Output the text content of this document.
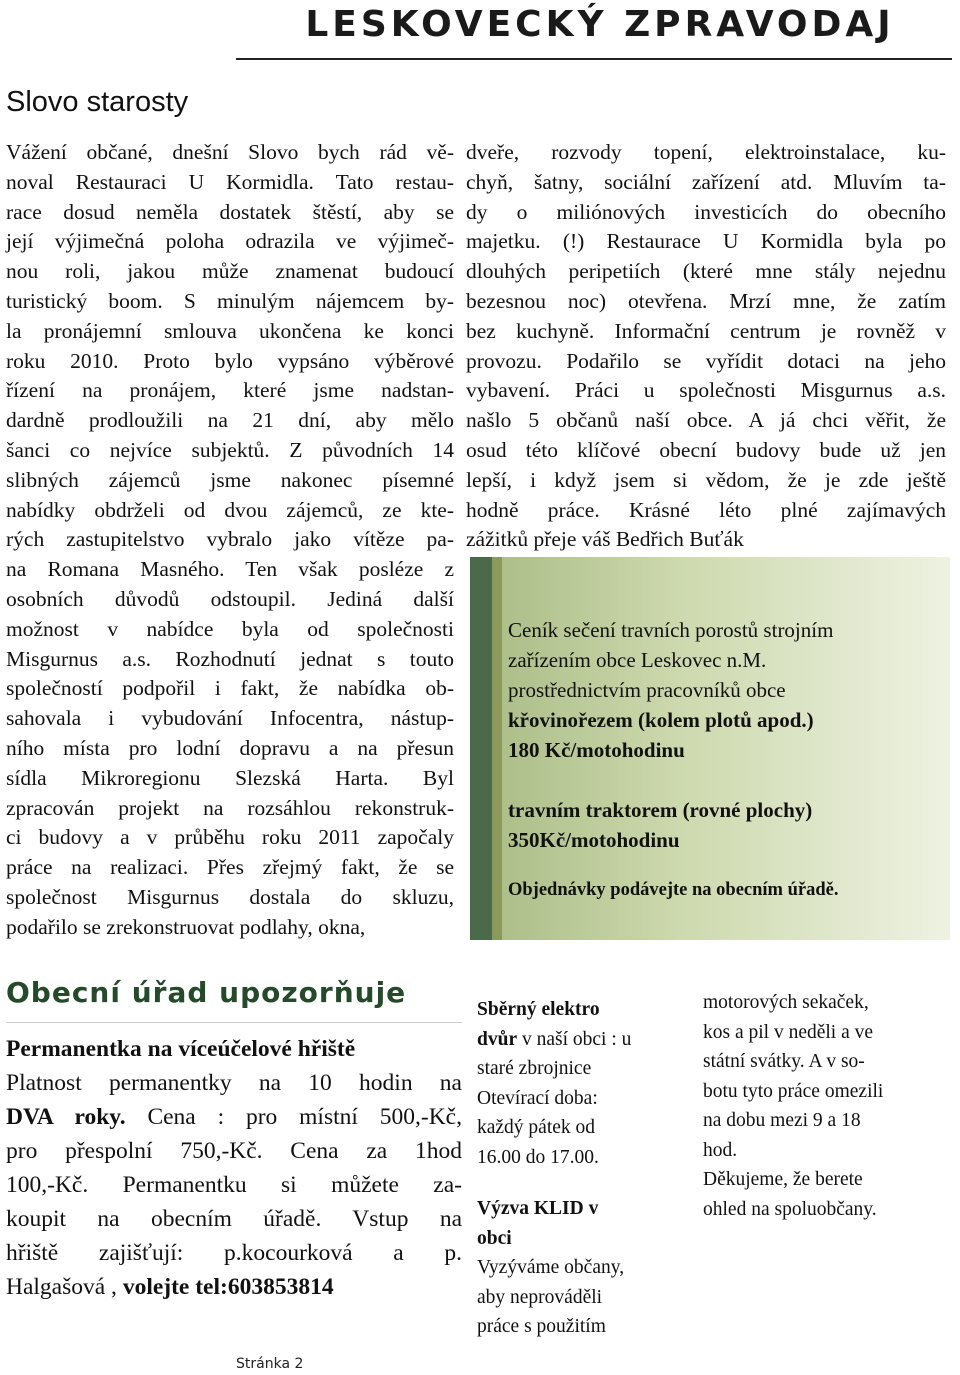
LESKOVECKÝ ZPRAVODAJ
Slovo starosty
Vážení občané, dnešní Slovo bych rád vě-
noval Restauraci U Kormidla. Tato restau-
race dosud neměla dostatek štěstí, aby se
její výjimečná poloha odrazila ve výjimeč-
nou roli, jakou může znamenat budoucí
turistický boom. S minulým nájemcem by-
la pronájemní smlouva ukončena ke konci
roku 2010. Proto bylo vypsáno výběrové
řízení na pronájem, které jsme nadstan-
dardně prodloužili na 21 dní, aby mělo
šanci co nejvíce subjektů. Z původních 14
slibných zájemců jsme nakonec písemné
nabídky obdrželi od dvou zájemců, ze kte-
rých zastupitelstvo vybralo jako vítěze pa-
na Romana Masného. Ten však posléze z
osobních důvodů odstoupil. Jediná další
možnost v nabídce byla od společnosti
Misgurnus a.s. Rozhodnutí jednat s touto
společností podpořil i fakt, že nabídka ob-
sahovala i vybudování Infocentra, nástup-
ního místa pro lodní dopravu a na přesun
sídla Mikroregionu Slezská Harta. Byl
zpracován projekt na rozsáhlou rekonstruk-
ci budovy a v průběhu roku 2011 započaly
práce na realizaci. Přes zřejmý fakt, že se
společnost Misgurnus dostala do skluzu,
podařilo se zrekonstruovat podlahy, okna,
dveře, rozvody topení, elektroinstalace, ku-
chyň, šatny, sociální zařízení atd. Mluvím ta-
dy o miliónových investicích do obecního
majetku. (!) Restaurace U Kormidla byla po
dlouhých peripetiích (které mne stály nejednu
bezesnou noc) otevřena. Mrzí mne, že zatím
bez kuchyně. Informační centrum je rovněž v
provozu. Podařilo se vyřídit dotaci na jeho
vybavení. Práci u společnosti Misgurnus a.s.
našlo 5 občanů naší obce. A já chci věřit, že
osud této klíčové obecní budovy bude už jen
lepší, i když jsem si vědom, že je zde ještě
hodně práce. Krásné léto plné zajímavých
zážitků přeje váš Bedřich Buťák
Ceník sečení travních porostů strojním
zařízením obce Leskovec n.M.
prostřednictvím pracovníků obce
křovinořezem (kolem plotů apod.)
180 Kč/motohodinu
travním traktorem (rovné plochy)
350Kč/motohodinu
Objednávky podávejte na obecním úřadě.
Obecní úřad upozorňuje
Permanentka na víceúčelové hřiště
Platnost permanentky na 10 hodin na
DVA roky. Cena : pro místní 500,-Kč,
pro přespolní 750,-Kč. Cena za 1hod
100,-Kč. Permanentku si můžete za-
koupit na obecním úřadě. Vstup na
hřiště zajišťují: p.kocourková a p.
Halgašová , volejte tel:603853814
Sběrný elektro
dvůr v naší obci : u
staré zbrojnice
Otevírací doba:
každý pátek od
16.00 do 17.00.
Výzva KLID v
obci
Vyzýváme občany,
aby neprováděli
práce s použitím
motorových sekaček,
kos a pil v neděli a ve
státní svátky. A v so-
botu tyto práce omezili
na dobu mezi 9 a 18
hod.
Děkujeme, že berete
ohled na spoluobčany.
Stránka 2
